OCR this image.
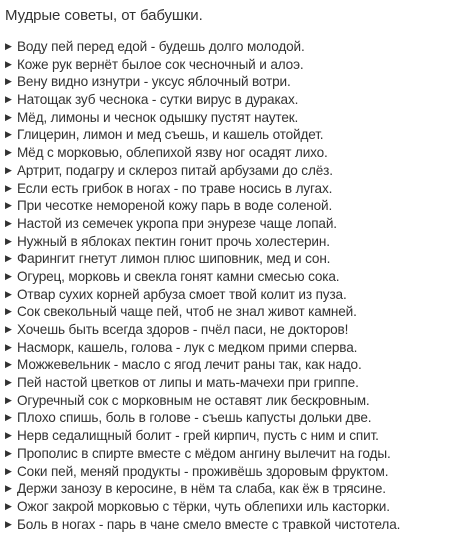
Мудрые советы, от бабушки.
▶ Воду пей перед едой - будешь долго молодой.
▶ Коже рук вернёт былое сок чесночный и алоэ.
▶ Вену видно изнутри - уксус яблочный вотри.
▶ Натощак зуб чеснока - сутки вирус в дураках.
▶ Мёд, лимоны и чеснок одышку пустят наутек.
▶ Глицерин, лимон и мед съешь, и кашель отойдет.
▶ Мёд с морковью, облепихой язву ног осадят лихо.
▶ Артрит, подагру и склероз питай арбузами до слёз.
▶ Если есть грибок в ногах - по траве носись в лугах.
▶ При чесотке немореной кожу парь в воде соленой.
▶ Настой из семечек укропа при энурезе чаще лопай.
▶ Нужный в яблоках пектин гонит прочь холестерин.
▶ Фарингит гнетут лимон плюс шиповник, мед и сон.
▶ Огурец, морковь и свекла гонят камни смесью сока.
▶ Отвар сухих корней арбуза смоет твой колит из пуза.
▶ Сок свекольный чаще пей, чтоб не знал живот камней.
▶ Хочешь быть всегда здоров - пчёл паси, не докторов!
▶ Насморк, кашель, голова - лук с медком прими сперва.
▶ Можжевельник - масло с ягод лечит раны так, как надо.
▶ Пей настой цветков от липы и мать-мачехи при гриппе.
▶ Огуречный сок с морковным не оставят лик бескровным.
▶ Плохо спишь, боль в голове - съешь капусты дольки две.
▶ Нерв седалищный болит - грей кирпич, пусть с ним и спит.
▶ Прополис в спирте вместе с мёдом ангину вылечит на годы.
▶ Соки пей, меняй продукты - проживёшь здоровым фруктом.
▶ Держи занозу в керосине, в нём та слаба, как ёж в трясине.
▶ Ожог закрой морковью с тёрки, чуть облепихи иль касторки.
▶ Боль в ногах - парь в чане смело вместе с травкой чистотела.
